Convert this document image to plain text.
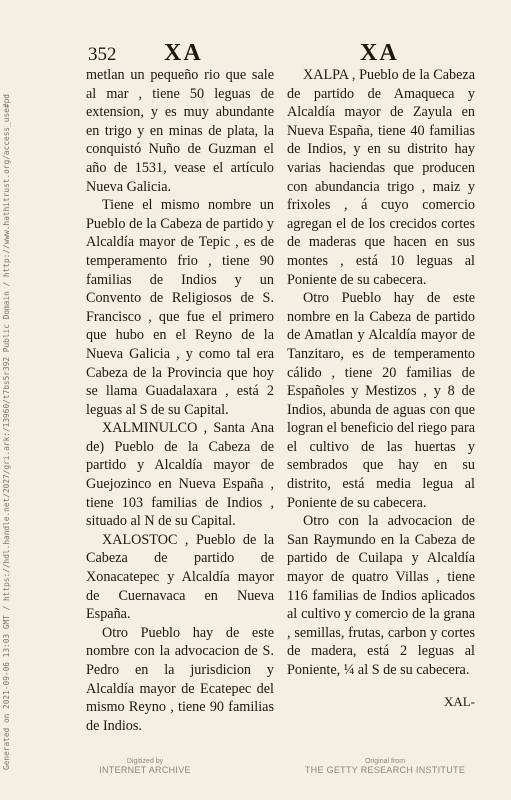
352 XA	XA

metlan un pequeño rio que sale al mar , tiene 50 leguas de extension, y es muy abundante en trigo y en minas de plata, la conquistó Nuño de Guzman el año de 1531, vease el artículo Nueva Galicia.

Tiene el mismo nombre un Pueblo de la Cabeza de partido y Alcaldía mayor de Tepic , es de temperamento frio , tiene 90 familias de Indios y un Convento de Religiosos de S. Francisco , que fue el primero que hubo en el Reyno de la Nueva Galicia , y como tal era Cabeza de la Provincia que hoy se llama Guadalaxara , está 2 leguas al S de su Capital.

XALMINULCO , Santa Ana de) Pueblo de la Cabeza de partido y Alcaldía mayor de Guejozinco en Nueva España , tiene 103 familias de Indios , situado al N de su Capital.

XALOSTOC , Pueblo de la Cabeza de partido de Xonacatepec y Alcaldía mayor de Cuernavaca en Nueva España.

Otro Pueblo hay de este nombre con la advocacion de S. Pedro en la jurisdicion y Alcaldía mayor de Ecatepec del mismo Reyno , tiene 90 familias de Indios.

XALPA , Pueblo de la Cabeza de partido de Amaqueca y Alcaldía mayor de Zayula en Nueva España, tiene 40 familias de Indios, y en su distrito hay varias haciendas que producen con abundancia trigo , maiz y frixoles , á cuyo comercio agregan el de los crecidos cortes de maderas que hacen en sus montes , está 10 leguas al Poniente de su cabecera.

Otro Pueblo hay de este nombre en la Cabeza de partido de Amatlan y Alcaldía mayor de Tanzitaro, es de temperamento cálido , tiene 20 familias de Españoles y Mestizos , y 8 de Indios, abunda de aguas con que logran el beneficio del riego para el cultivo de las huertas y sembrados que hay en su distrito, está media legua al Poniente de su cabecera.

Otro con la advocacion de San Raymundo en la Cabeza de partido de Cuilapa y Alcaldía mayor de quatro Villas , tiene 116 familias de Indios aplicados al cultivo y comercio de la grana , semillas, frutas, carbon y cortes de madera, está 2 leguas al Poniente, ¼ al S de su cabecera.

XAL-
Generated on 2021-09-06 13:03 GMT / https://hdl.handle.net/2027/gri.ark:/13960/t7bs5r392 Public Domain / http://www.hathitrust.org/access_use#pd	Digitized by
INTERNET ARCHIVE
Original from
THE GETTY RESEARCH INSTITUTE
